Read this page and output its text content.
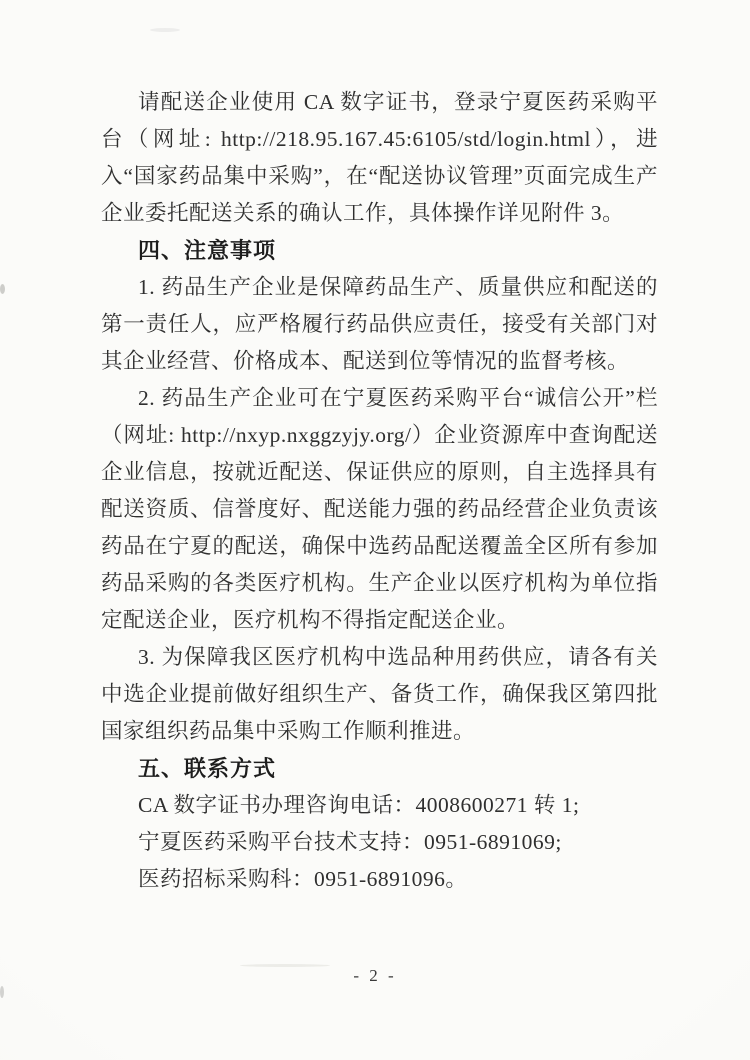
请配送企业使用 CA 数字证书，登录宁夏医药采购平台（网址: http://218.95.167.45:6105/std/login.html），进入“国家药品集中采购”，在“配送协议管理”页面完成生产企业委托配送关系的确认工作，具体操作详见附件 3。

四、注意事项

1. 药品生产企业是保障药品生产、质量供应和配送的第一责任人，应严格履行药品供应责任，接受有关部门对其企业经营、价格成本、配送到位等情况的监督考核。

2. 药品生产企业可在宁夏医药采购平台“诚信公开”栏（网址: http://nxyp.nxggzyjy.org/）企业资源库中查询配送企业信息，按就近配送、保证供应的原则，自主选择具有配送资质、信誉度好、配送能力强的药品经营企业负责该药品在宁夏的配送，确保中选药品配送覆盖全区所有参加药品采购的各类医疗机构。生产企业以医疗机构为单位指定配送企业，医疗机构不得指定配送企业。

3. 为保障我区医疗机构中选品种用药供应，请各有关中选企业提前做好组织生产、备货工作，确保我区第四批国家组织药品集中采购工作顺利推进。

五、联系方式

CA 数字证书办理咨询电话：4008600271 转 1;

宁夏医药采购平台技术支持：0951-6891069;

医药招标采购科：0951-6891096。

- 2 -
